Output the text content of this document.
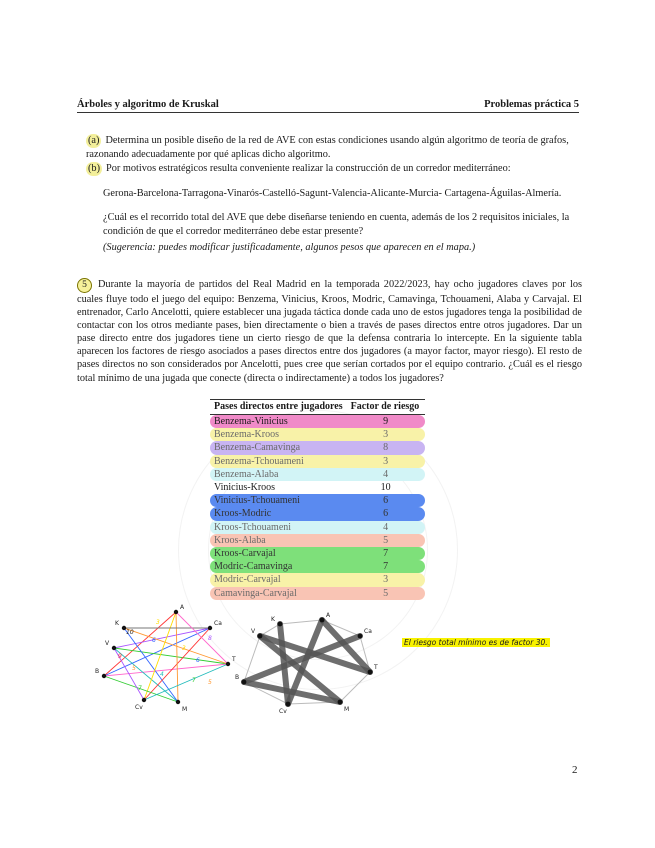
Árboles y algoritmo de Kruskal	Problemas práctica 5
(a) Determina un posible diseño de la red de AVE con estas condiciones usando algún algoritmo de teoría de grafos, razonando adecuadamente por qué aplicas dicho algoritmo.
(b) Por motivos estratégicos resulta conveniente realizar la construcción de un corredor mediterráneo:
Gerona-Barcelona-Tarragona-Vinarós-Castelló-Sagunt-Valencia-Alicante-Murcia- Cartagena-Águilas-Almería.
¿Cuál es el recorrido total del AVE que debe diseñarse teniendo en cuenta, además de los 2 requisitos iniciales, la condición de que el corredor mediterráneo debe estar presente?
(Sugerencia: puedes modificar justificadamente, algunos pesos que aparecen en el mapa.)
5 Durante la mayoría de partidos del Real Madrid en la temporada 2022/2023, hay ocho jugadores claves por los cuales fluye todo el juego del equipo: Benzema, Vinicius, Kroos, Modric, Camavinga, Tchouameni, Alaba y Carvajal. El entrenador, Carlo Ancelotti, quiere establecer una jugada táctica donde cada uno de estos jugadores tenga la posibilidad de contactar con los otros mediante pases, bien directamente o bien a través de pases directos entre otros jugadores. Dar un pase directo entre dos jugadores tiene un cierto riesgo de que la defensa contraria lo intercepte. En la siguiente tabla aparecen los factores de riesgo asociados a pases directos entre dos jugadores (a mayor factor, mayor riesgo). El resto de pases directos no son considerados por Ancelotti, pues cree que serían cortados por el equipo contrario. ¿Cuál es el riesgo total mínimo de una jugada que conecte (directa o indirectamente) a todos los jugadores?
Pases directos entre jugadores	Factor de riesgo
Benzema-Vinicius	9
Benzema-Kroos	3
Benzema-Camavinga	8
Benzema-Tchouameni	3
Benzema-Alaba	4
Vinicius-Kroos	10
Vinicius-Tchouameni	6
Kroos-Modric	6
Kroos-Tchouameni	4
Kroos-Alaba	5
Kroos-Carvajal	7
Modric-Camavinga	7
Modric-Carvajal	3
Camavinga-Carvajal	5
10
9
8
6
6
5
7
4
7
5
3
3
B
A
Ca
V
T
Cv	M
K
B
A
Ca
V
T
Cv	M
K
El riesgo total mínimo es de factor 30.
2
